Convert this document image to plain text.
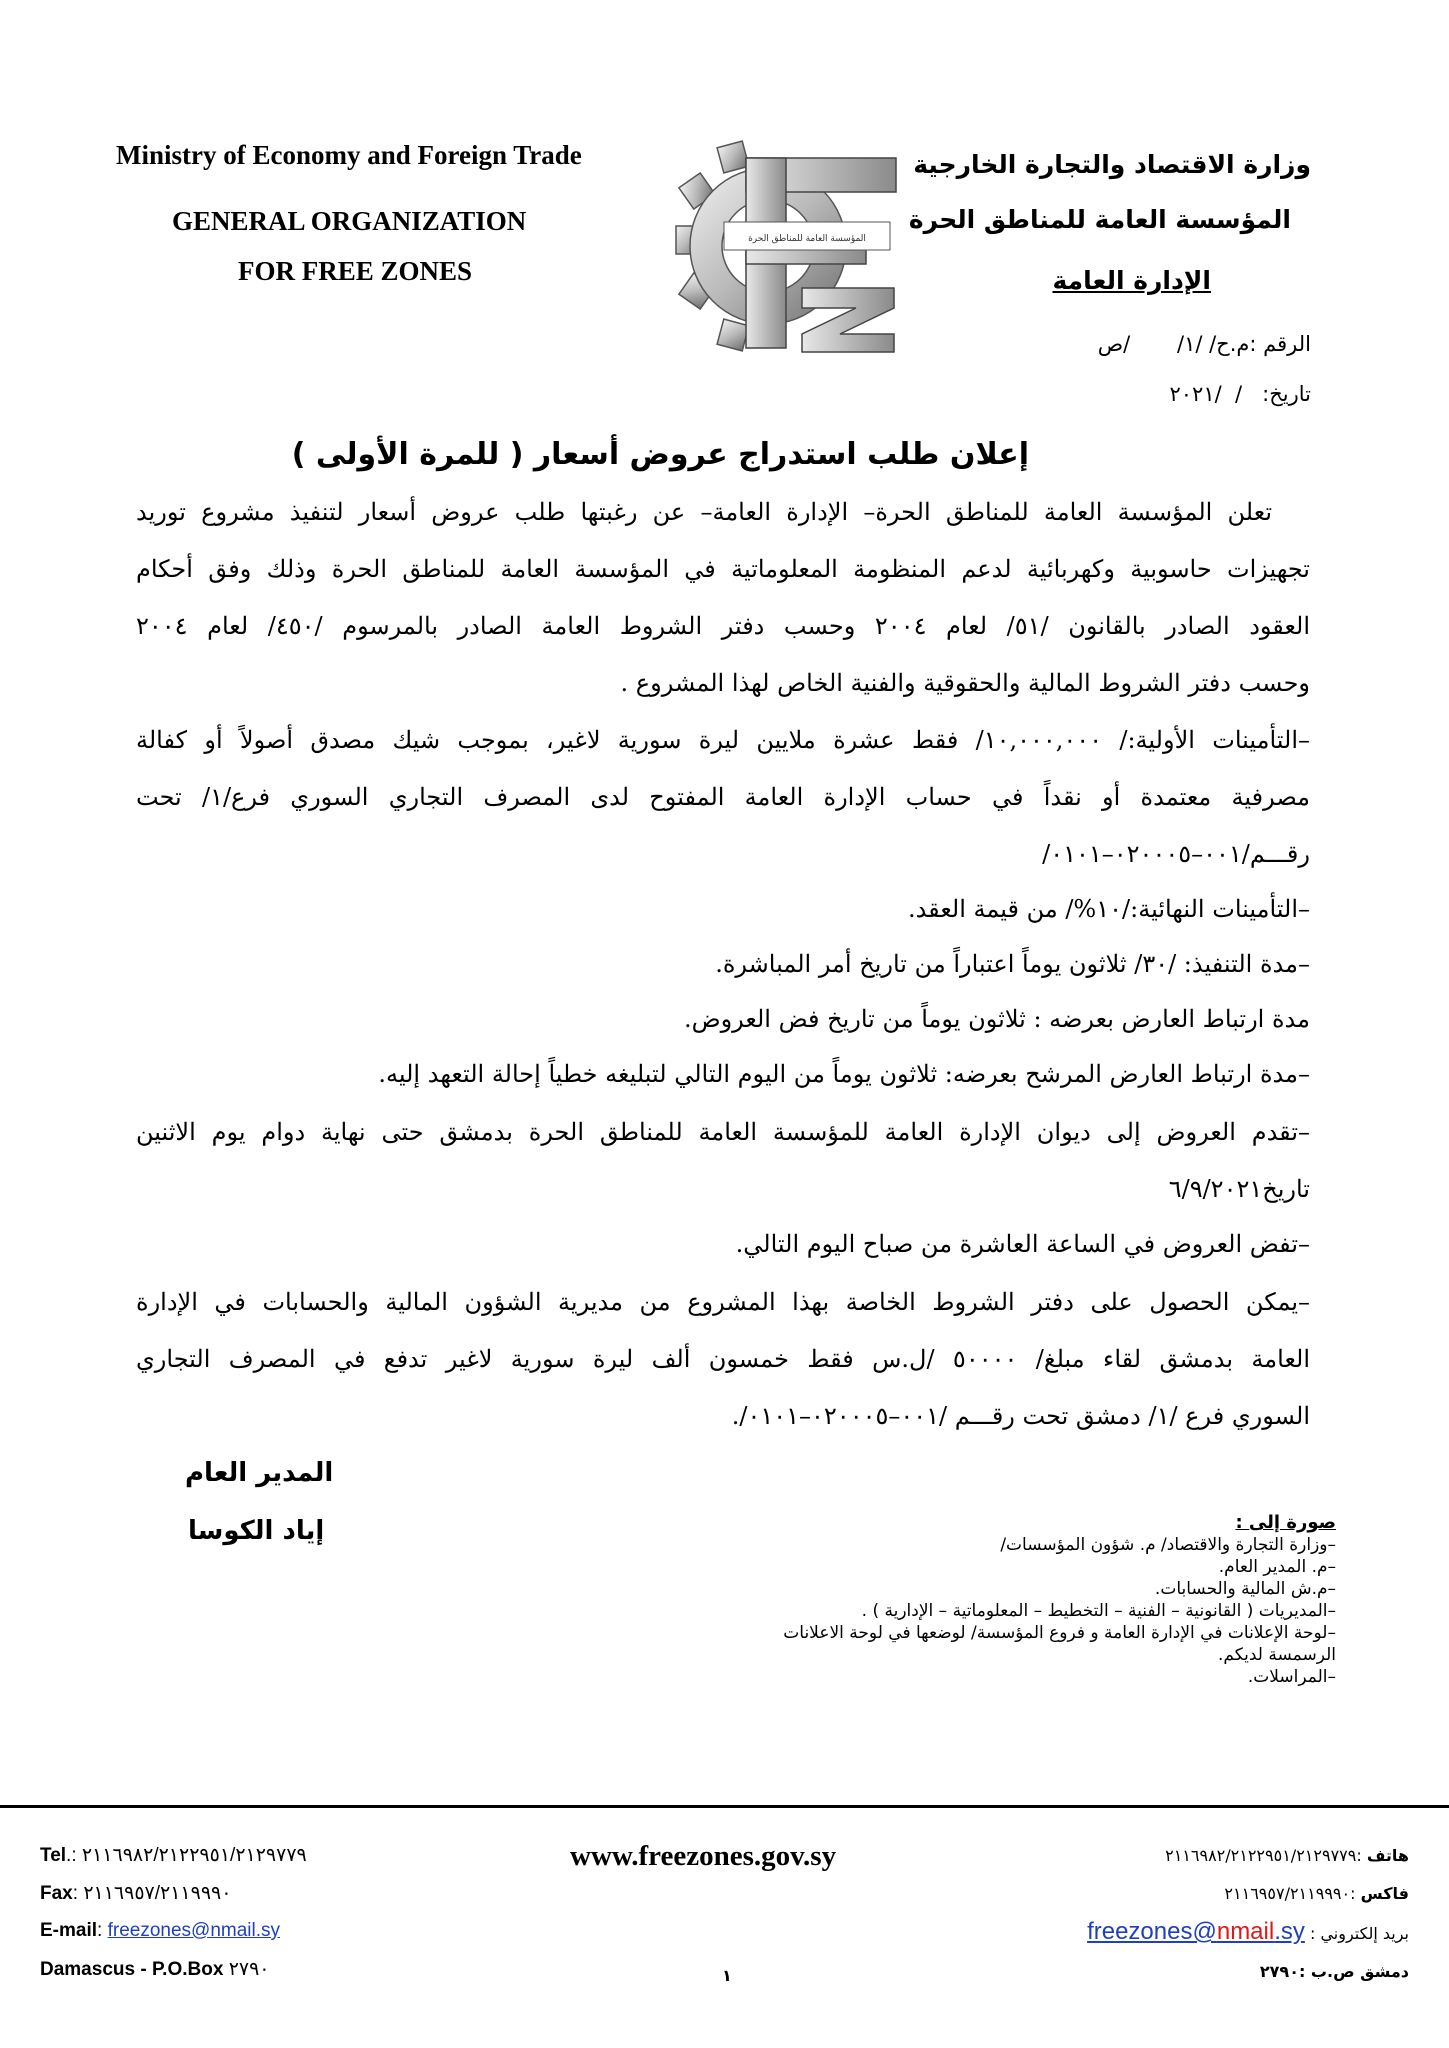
Ministry of Economy and Foreign Trade
GENERAL ORGANIZATION
FOR FREE ZONES
المؤسسة العامة للمناطق الحرة
وزارة الاقتصاد والتجارة الخارجية
المؤسسة العامة للمناطق الحرة
الإدارة العامة
الرقم :م.ح/ /١/       /ص
تاريخ:   /  /٢٠٢١
إعلان طلب استدراج عروض أسعار ( للمرة الأولى )
تعلن المؤسسة العامة للمناطق الحرة– الإدارة العامة– عن رغبتها طلب عروض أسعار لتنفيذ مشروع توريد
تجهيزات حاسوبية وكهربائية لدعم المنظومة المعلوماتية في المؤسسة العامة للمناطق الحرة وذلك وفق أحكام
العقود الصادر بالقانون /٥١/ لعام ٢٠٠٤ وحسب دفتر الشروط العامة الصادر بالمرسوم /٤٥٠/ لعام ٢٠٠٤
وحسب دفتر الشروط المالية والحقوقية والفنية الخاص لهذا المشروع .
–التأمينات الأولية:/ ١٠,٠٠٠,٠٠٠/ فقط عشرة ملايين ليرة سورية لاغير، بموجب شيك مصدق أصولاً أو كفالة
مصرفية معتمدة أو نقداً في حساب الإدارة العامة المفتوح لدى المصرف التجاري السوري فرع/١/ تحت
رقـــم/٠٠١–٠٢٠٠٠٥–٠١٠١/
–التأمينات النهائية:/١٠%/ من قيمة العقد.
–مدة التنفيذ: /٣٠/ ثلاثون يوماً اعتباراً من تاريخ أمر المباشرة.
مدة ارتباط العارض بعرضه : ثلاثون يوماً من تاريخ فض العروض.
–مدة ارتباط العارض المرشح بعرضه: ثلاثون يوماً من اليوم التالي لتبليغه خطياً إحالة التعهد إليه.
–تقدم العروض إلى ديوان الإدارة العامة للمؤسسة العامة للمناطق الحرة بدمشق حتى نهاية دوام يوم الاثنين
تاريخ٦/٩/٢٠٢١
–تفض العروض في الساعة العاشرة من صباح اليوم التالي.
–يمكن الحصول على دفتر الشروط الخاصة بهذا المشروع من مديرية الشؤون المالية والحسابات في الإدارة
العامة بدمشق لقاء مبلغ/ ٥٠٠٠٠ /ل.س فقط خمسون ألف ليرة سورية لاغير تدفع في المصرف التجاري
السوري فرع /١/ دمشق تحت رقـــم /٠٠١–٠٢٠٠٠٥–٠١٠١/.
المدير العام
إياد الكوسا	صورة إلى :
–وزارة التجارة والاقتصاد/ م. شؤون المؤسسات/
–م. المدير العام.
–م.ش المالية والحسابات.
–المديريات ( القانونية – الفنية – التخطيط – المعلوماتية – الإدارية ) .
–لوحة الإعلانات في الإدارة العامة و فروع المؤسسة/ لوضعها في لوحة الاعلانات
الرسمسة لديكم.
–المراسلات.
Tel.: ٢١١٦٩٨٢/٢١٢٢٩٥١/٢١٢٩٧٧٩
Fax: ٢١١٦٩٥٧/٢١١٩٩٩٠
E-mail: freezones@nmail.sy
Damascus - P.O.Box ٢٧٩٠
www.freezones.gov.sy
١
هاتف :٢١١٦٩٨٢/٢١٢٢٩٥١/٢١٢٩٧٧٩
فاكس :٢١١٦٩٥٧/٢١١٩٩٩٠
بريد إلكتروني : freezones@nmail.sy
دمشق ص.ب :٢٧٩٠
